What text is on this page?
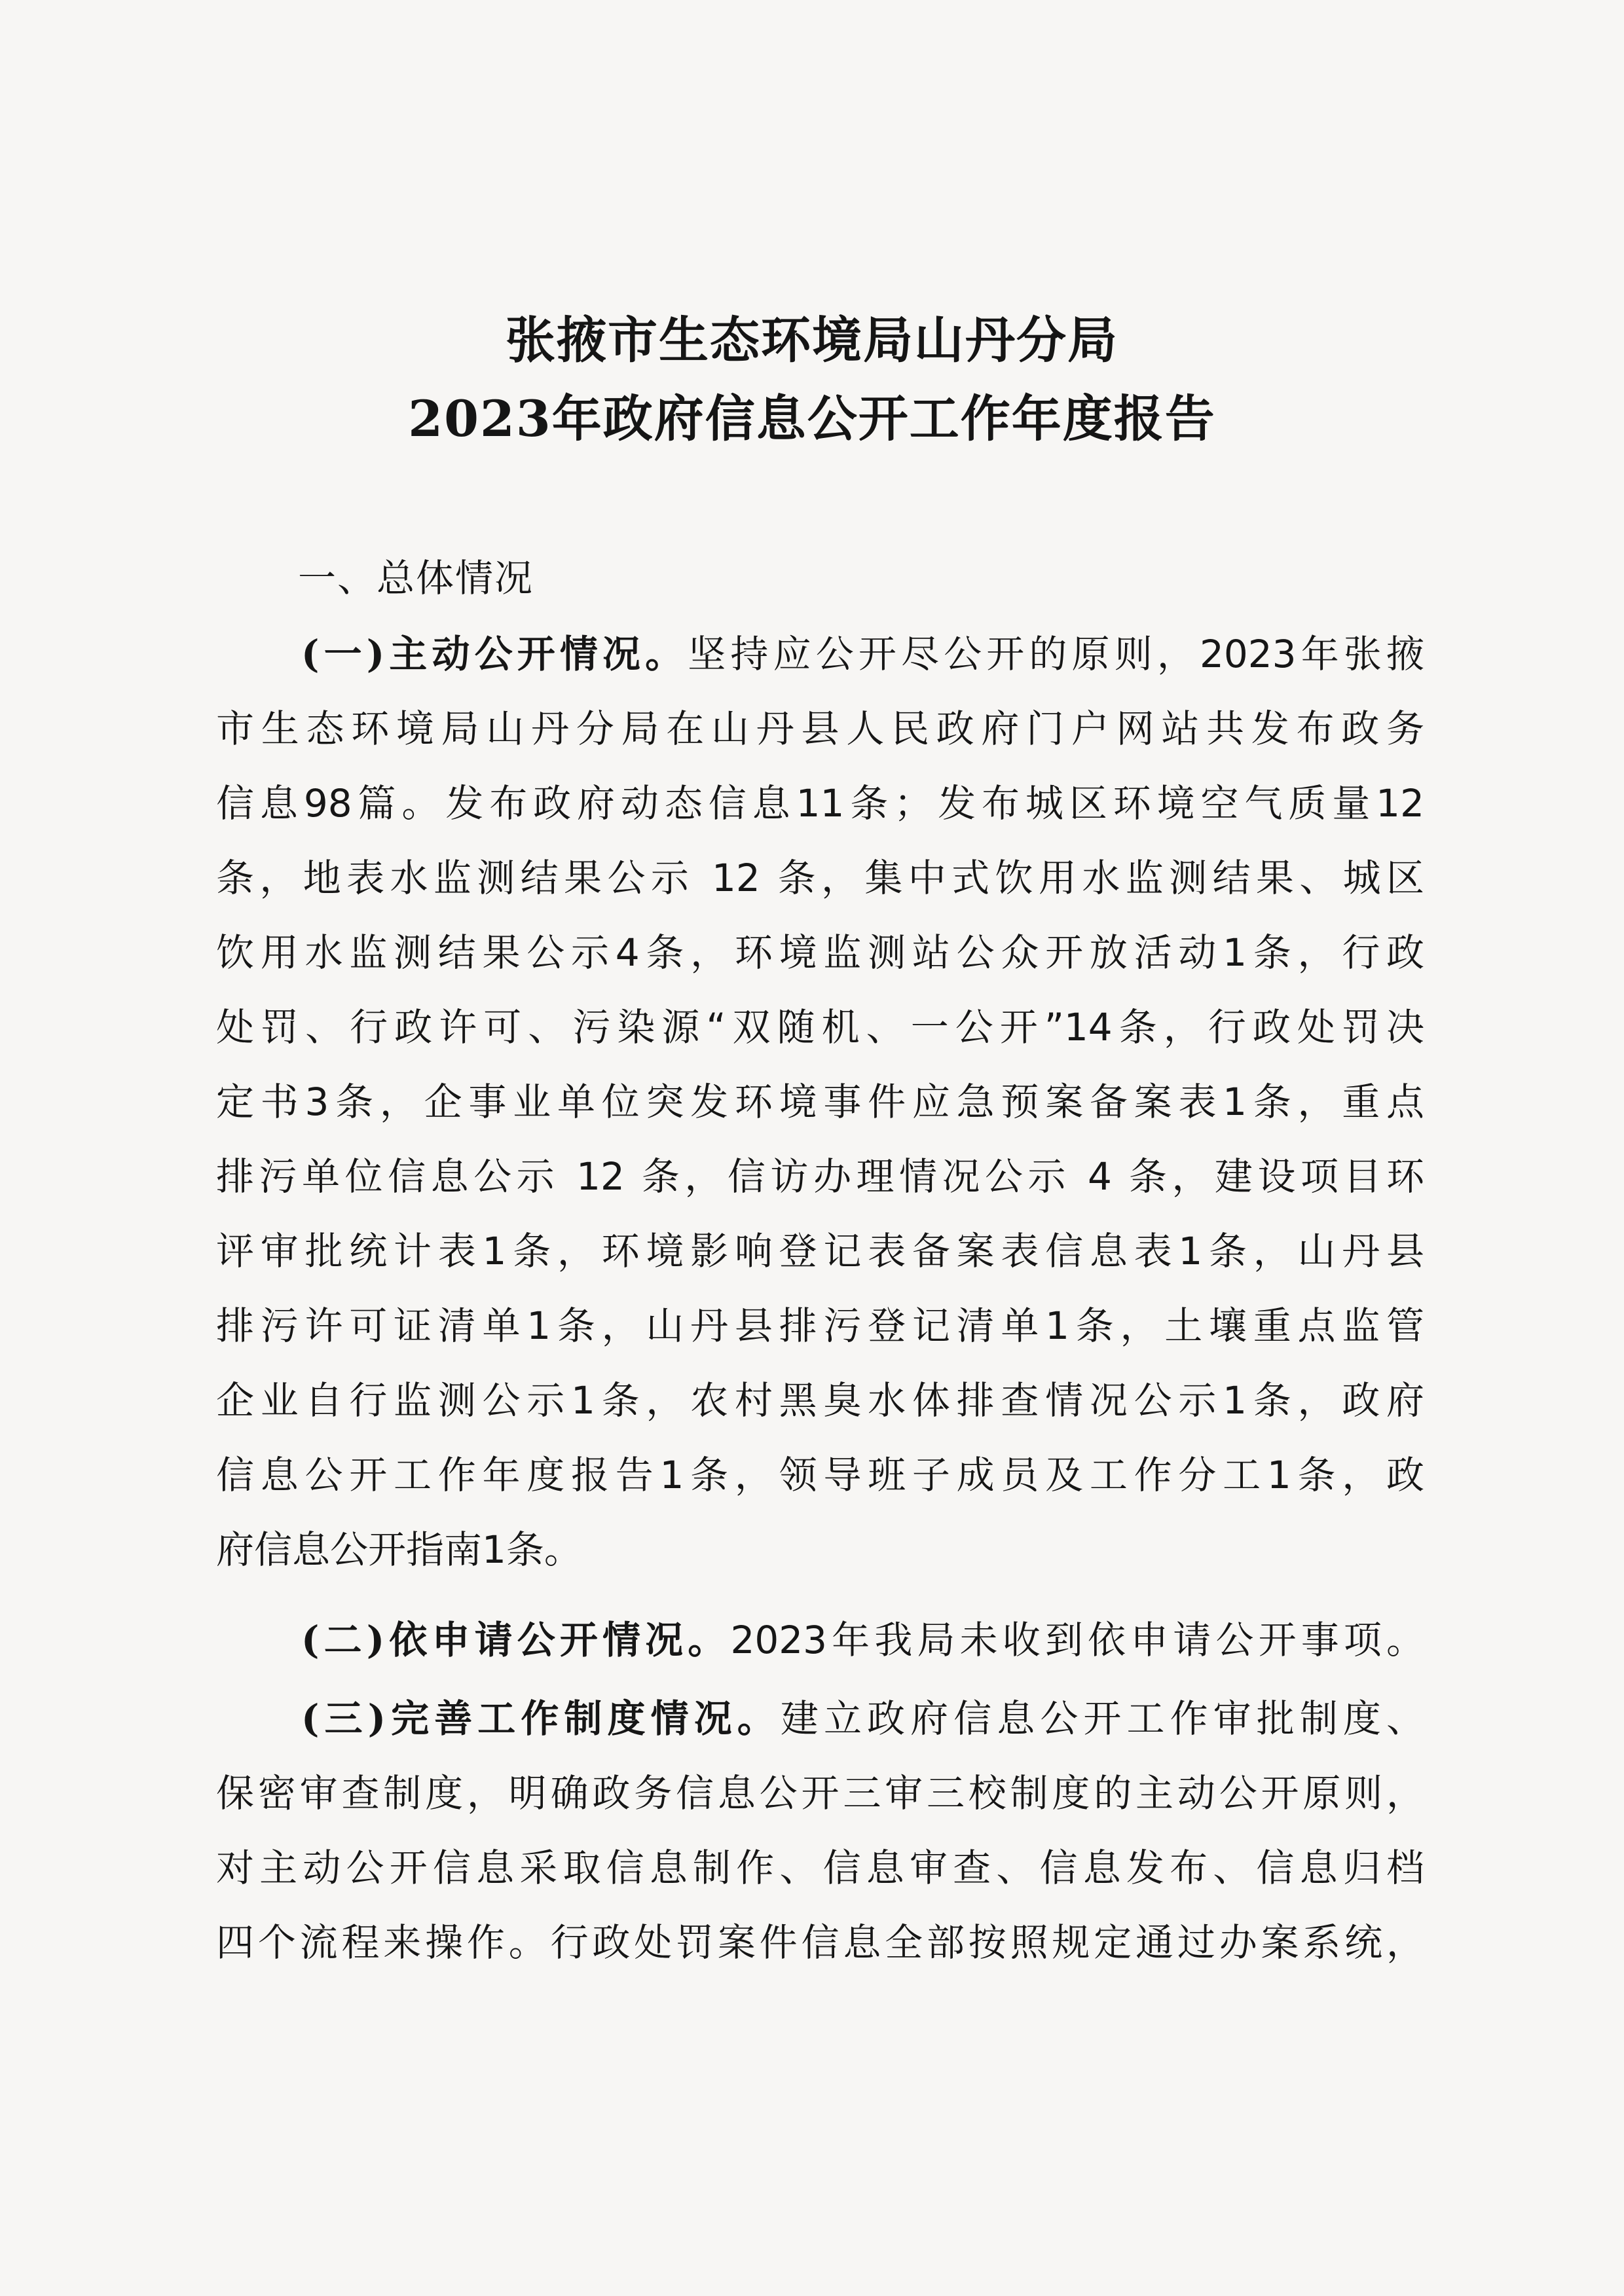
张掖市生态环境局山丹分局
2023年政府信息公开工作年度报告
一、总体情况
(一)主动公开情况。坚持应公开尽公开的原则，2023年张掖
市生态环境局山丹分局在山丹县人民政府门户网站共发布政务
信息98篇。发布政府动态信息11条；发布城区环境空气质量12
条，地表水监测结果公示 12 条，集中式饮用水监测结果、城区
饮用水监测结果公示4条，环境监测站公众开放活动1条，行政
处罚、行政许可、污染源“双随机、一公开”14条，行政处罚决
定书3条，企事业单位突发环境事件应急预案备案表1条，重点
排污单位信息公示 12 条，信访办理情况公示 4 条，建设项目环
评审批统计表1条，环境影响登记表备案表信息表1条，山丹县
排污许可证清单1条，山丹县排污登记清单1条，土壤重点监管
企业自行监测公示1条，农村黑臭水体排查情况公示1条，政府
信息公开工作年度报告1条，领导班子成员及工作分工1条，政
府信息公开指南1条。
(二)依申请公开情况。2023年我局未收到依申请公开事项。
(三)完善工作制度情况。建立政府信息公开工作审批制度、
保密审查制度，明确政务信息公开三审三校制度的主动公开原则，
对主动公开信息采取信息制作、信息审查、信息发布、信息归档
四个流程来操作。行政处罚案件信息全部按照规定通过办案系统，
